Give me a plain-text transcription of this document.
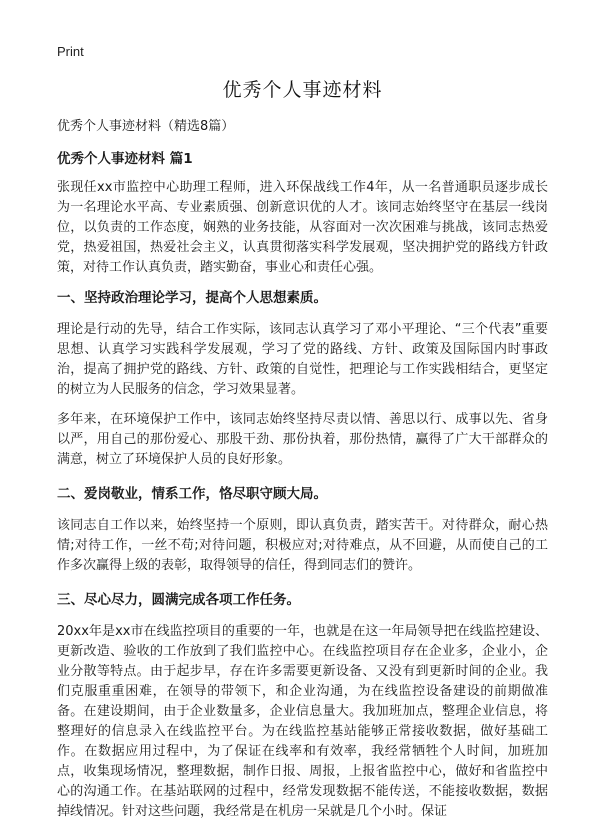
Print
优秀个人事迹材料
优秀个人事迹材料（精选8篇）
优秀个人事迹材料 篇1

张现任xx市监控中心助理工程师，进入环保战线工作4年，从一名普通职员逐步成长为一名理论水平高、专业素质强、创新意识优的人才。该同志始终坚守在基层一线岗位，以负责的工作态度，娴熟的业务技能，从容面对一次次困难与挑战，该同志热爱党，热爱祖国，热爱社会主义，认真贯彻落实科学发展观，坚决拥护党的路线方针政策，对待工作认真负责，踏实勤奋，事业心和责任心强。

一、坚持政治理论学习，提高个人思想素质。

理论是行动的先导，结合工作实际，该同志认真学习了邓小平理论、“三个代表”重要思想、认真学习实践科学发展观，学习了党的路线、方针、政策及国际国内时事政治，提高了拥护党的路线、方针、政策的自觉性，把理论与工作实践相结合，更坚定的树立为人民服务的信念，学习效果显著。

多年来，在环境保护工作中，该同志始终坚持尽责以情、善思以行、成事以先、省身以严，用自己的那份爱心、那股干劲、那份执着，那份热情，赢得了广大干部群众的满意，树立了环境保护人员的良好形象。

二、爱岗敬业，情系工作，恪尽职守顾大局。

该同志自工作以来，始终坚持一个原则，即认真负责，踏实苦干。对待群众，耐心热情;对待工作，一丝不苟;对待问题，积极应对;对待难点，从不回避，从而使自己的工作多次赢得上级的表彰，取得领导的信任，得到同志们的赞许。

三、尽心尽力，圆满完成各项工作任务。

20xx年是xx市在线监控项目的重要的一年，也就是在这一年局领导把在线监控建设、更新改造、验收的工作放到了我们监控中心。在线监控项目存在企业多，企业小，企业分散等特点。由于起步早，存在许多需要更新设备、又没有到更新时间的企业。我们克服重重困难，在领导的带领下，和企业沟通，为在线监控设备建设的前期做准备。在建设期间，由于企业数量多，企业信息量大。我加班加点，整理企业信息，将整理好的信息录入在线监控平台。为在线监控基站能够正常接收数据，做好基础工作。在数据应用过程中，为了保证在线率和有效率，我经常牺牲个人时间，加班加点，收集现场情况，整理数据，制作日报、周报，上报省监控中心，做好和省监控中心的沟通工作。在基站联网的过程中，经常发现数据不能传送，不能接收数据，数据掉线情况。针对这些问题，我经常是在机房一呆就是几个小时。保证
